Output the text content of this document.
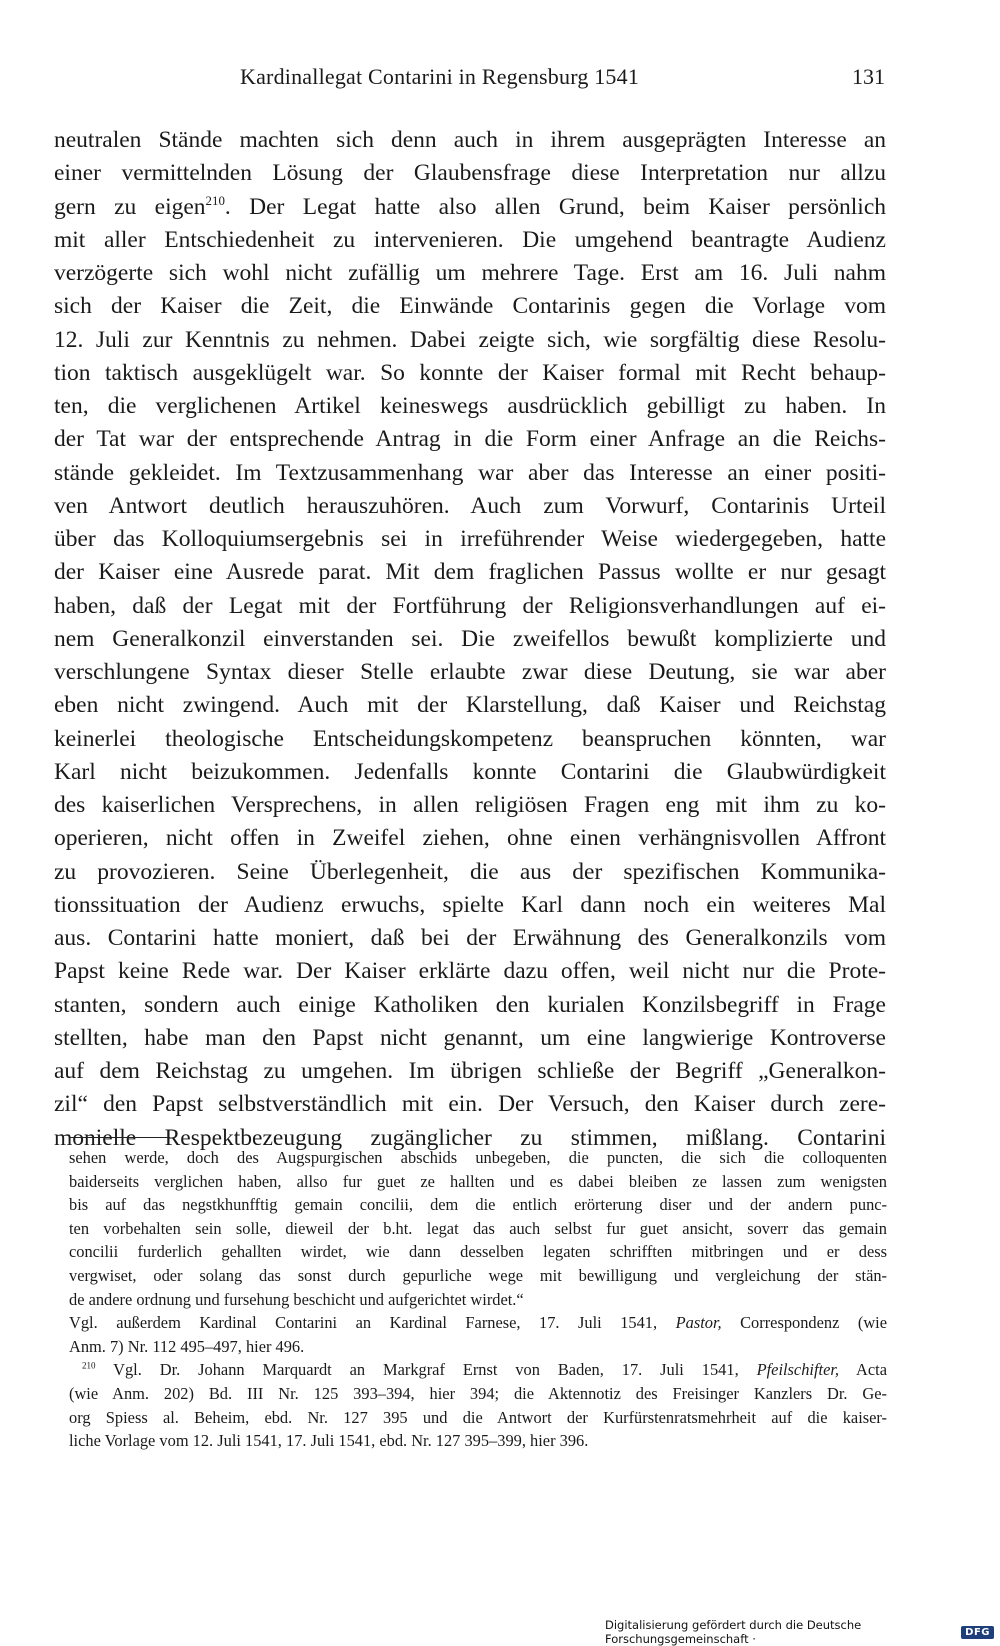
Kardinallegat Contarini in Regensburg 1541	131
neutralen Stände machten sich denn auch in ihrem ausgeprägten Interesse an
einer vermittelnden Lösung der Glaubensfrage diese Interpretation nur allzu
gern zu eigen$^{210}$. Der Legat hatte also allen Grund, beim Kaiser persönlich
mit aller Entschiedenheit zu intervenieren. Die umgehend beantragte Audienz
verzögerte sich wohl nicht zufällig um mehrere Tage. Erst am 16. Juli nahm
sich der Kaiser die Zeit, die Einwände Contarinis gegen die Vorlage vom
12. Juli zur Kenntnis zu nehmen. Dabei zeigte sich, wie sorgfältig diese Resolu-
tion taktisch ausgeklügelt war. So konnte der Kaiser formal mit Recht behaup-
ten, die verglichenen Artikel keineswegs ausdrücklich gebilligt zu haben. In
der Tat war der entsprechende Antrag in die Form einer Anfrage an die Reichs-
stände gekleidet. Im Textzusammenhang war aber das Interesse an einer positi-
ven Antwort deutlich herauszuhören. Auch zum Vorwurf, Contarinis Urteil
über das Kolloquiumsergebnis sei in irreführender Weise wiedergegeben, hatte
der Kaiser eine Ausrede parat. Mit dem fraglichen Passus wollte er nur gesagt
haben, daß der Legat mit der Fortführung der Religionsverhandlungen auf ei-
nem Generalkonzil einverstanden sei. Die zweifellos bewußt komplizierte und
verschlungene Syntax dieser Stelle erlaubte zwar diese Deutung, sie war aber
eben nicht zwingend. Auch mit der Klarstellung, daß Kaiser und Reichstag
keinerlei theologische Entscheidungskompetenz beanspruchen könnten, war
Karl nicht beizukommen. Jedenfalls konnte Contarini die Glaubwürdigkeit
des kaiserlichen Versprechens, in allen religiösen Fragen eng mit ihm zu ko-
operieren, nicht offen in Zweifel ziehen, ohne einen verhängnisvollen Affront
zu provozieren. Seine Überlegenheit, die aus der spezifischen Kommunika-
tionssituation der Audienz erwuchs, spielte Karl dann noch ein weiteres Mal
aus. Contarini hatte moniert, daß bei der Erwähnung des Generalkonzils vom
Papst keine Rede war. Der Kaiser erklärte dazu offen, weil nicht nur die Prote-
stanten, sondern auch einige Katholiken den kurialen Konzilsbegriff in Frage
stellten, habe man den Papst nicht genannt, um eine langwierige Kontroverse
auf dem Reichstag zu umgehen. Im übrigen schließe der Begriff „Generalkon-
zil“ den Papst selbstverständlich mit ein. Der Versuch, den Kaiser durch zere-
monielle Respektbezeugung zugänglicher zu stimmen, mißlang. Contarini
sehen werde, doch des Augspurgischen abschids unbegeben, die puncten, die sich die colloquenten
baiderseits verglichen haben, allso fur guet ze hallten und es dabei bleiben ze lassen zum wenigsten
bis auf das negstkhunfftig gemain concilii, dem die entlich erörterung diser und der andern punc-
ten vorbehalten sein solle, dieweil der b.ht. legat das auch selbst fur guet ansicht, soverr das gemain
concilii furderlich gehallten wirdet, wie dann desselben legaten schrifften mitbringen und er dess
vergwiset, oder solang das sonst durch gepurliche wege mit bewilligung und vergleichung der stän-
de andere ordnung und fursehung beschicht und aufgerichtet wirdet.“
Vgl. außerdem Kardinal Contarini an Kardinal Farnese, 17. Juli 1541, Pastor, Correspondenz (wie
Anm. 7) Nr. 112 495–497, hier 496.
$^{210}$ Vgl. Dr. Johann Marquardt an Markgraf Ernst von Baden, 17. Juli 1541, Pfeilschifter, Acta
(wie Anm. 202) Bd. III Nr. 125 393–394, hier 394; die Aktennotiz des Freisinger Kanzlers Dr. Ge-
org Spiess al. Beheim, ebd. Nr. 127 395 und die Antwort der Kurfürstenratsmehrheit auf die kaiser-
liche Vorlage vom 12. Juli 1541, 17. Juli 1541, ebd. Nr. 127 395–399, hier 396.
Digitalisierung gefördert durch die Deutsche Forschungsgemeinschaft ·	DFG
